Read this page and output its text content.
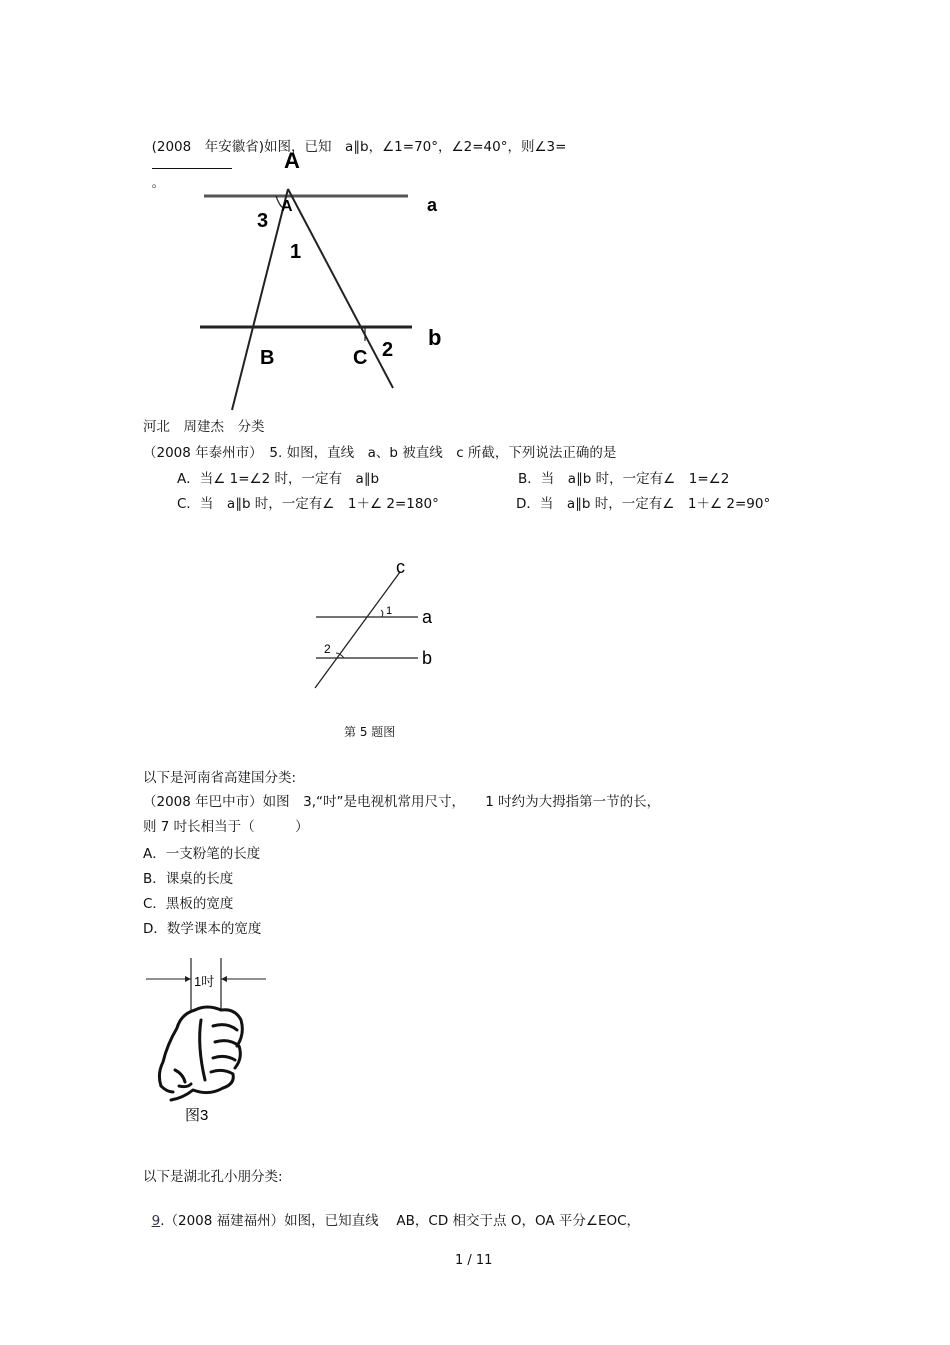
(2008　年安徽省)如图，已知　a∥b，∠1=70°，∠2=40°，则∠3=

。

A
A	a
b
3
1
B	C 2
河北　周建杰　分类
（2008 年泰州市）　5. 如图，直线　a、b 被直线　c 所截，下列说法正确的是
A．当∠ 1=∠2 时，一定有　a∥b	B．当　a∥b 时，一定有∠　1=∠2
C．当　a∥b 时，一定有∠　1＋∠ 2=180°	D．当　a∥b 时，一定有∠　1＋∠ 2=90°
c
a
b
1
2
第 5 题图
以下是河南省高建国分类:
（2008 年巴中市）如图　3,“吋”是电视机常用尺寸，　　1 吋约为大拇指第一节的长，
则 7 吋长相当于（　　　）
A．一支粉笔的长度
B．课桌的长度
C．黑板的宽度
D．数学课本的宽度
1吋
图3
以下是湖北孔小朋分类:

9.（2008 福建福州）如图，已知直线　 AB，CD 相交于点 O，OA 平分∠EOC，

1 / 11
